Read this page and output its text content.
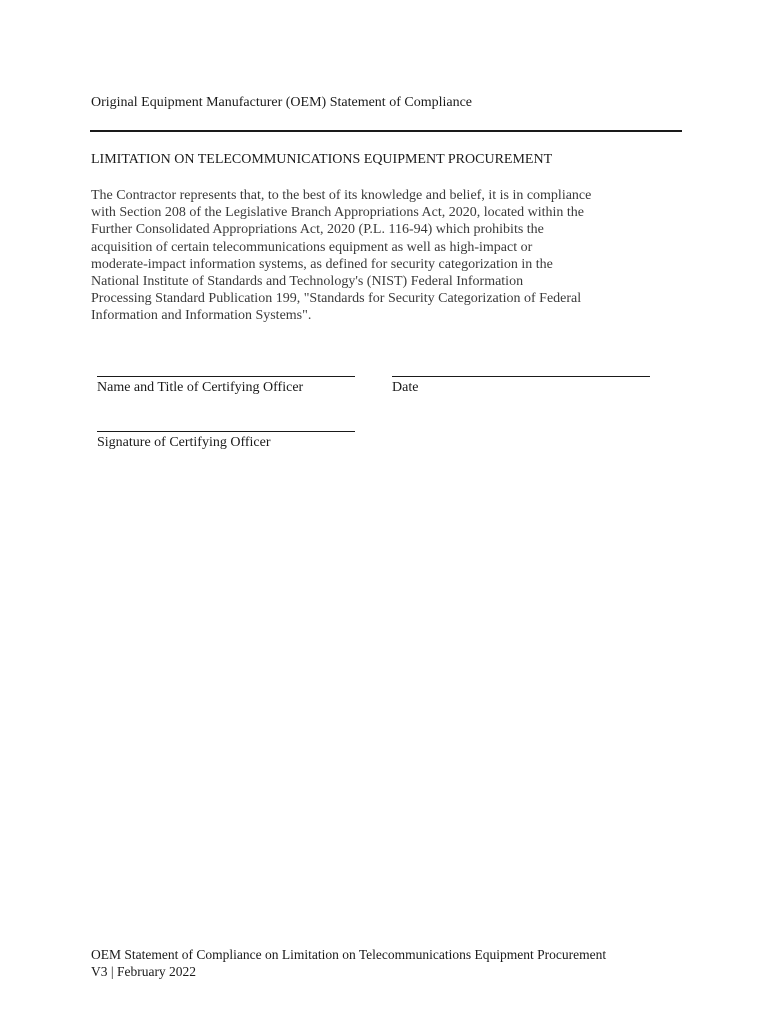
Original Equipment Manufacturer (OEM) Statement of Compliance
LIMITATION ON TELECOMMUNICATIONS EQUIPMENT PROCUREMENT

The Contractor represents that, to the best of its knowledge and belief, it is in compliance
with Section 208 of the Legislative Branch Appropriations Act, 2020, located within the
Further Consolidated Appropriations Act, 2020 (P.L. 116-94) which prohibits the
acquisition of certain telecommunications equipment as well as high-impact or
moderate-impact information systems, as defined for security categorization in the
National Institute of Standards and Technology's (NIST) Federal Information
Processing Standard Publication 199, "Standards for Security Categorization of Federal
Information and Information Systems".

Name and Title of Certifying Officer	Date
Signature of Certifying Officer
OEM Statement of Compliance on Limitation on Telecommunications Equipment Procurement
V3 | February 2022
